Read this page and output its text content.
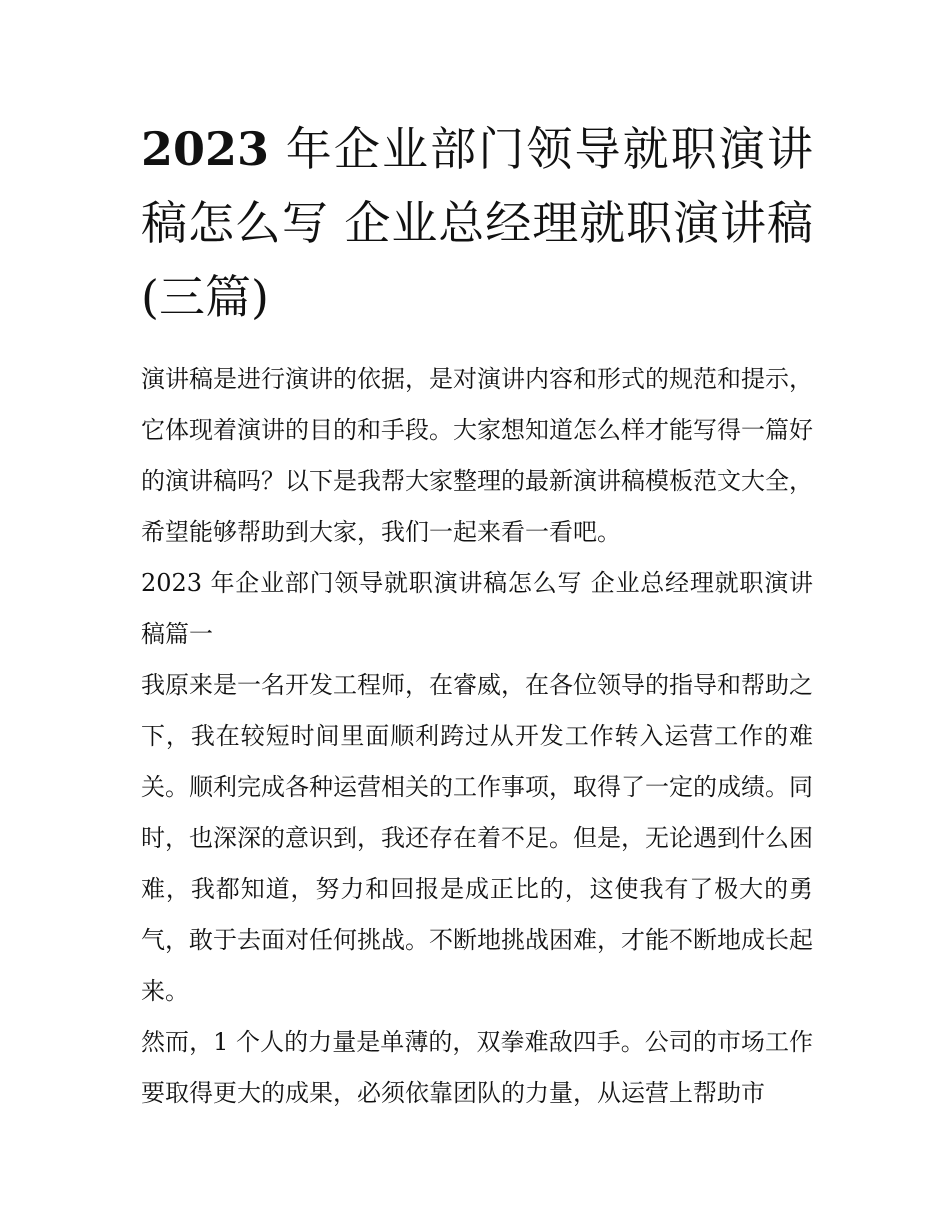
2023 年企业部门领导就职演讲稿怎么写 企业总经理就职演讲稿(三篇)

演讲稿是进行演讲的依据，是对演讲内容和形式的规范和提示，它体现着演讲的目的和手段。大家想知道怎么样才能写得一篇好的演讲稿吗？以下是我帮大家整理的最新演讲稿模板范文大全，希望能够帮助到大家，我们一起来看一看吧。

2023 年企业部门领导就职演讲稿怎么写 企业总经理就职演讲稿篇一

我原来是一名开发工程师，在睿威，在各位领导的指导和帮助之下，我在较短时间里面顺利跨过从开发工作转入运营工作的难关。顺利完成各种运营相关的工作事项，取得了一定的成绩。同时，也深深的意识到，我还存在着不足。但是，无论遇到什么困难，我都知道，努力和回报是成正比的，这使我有了极大的勇气，敢于去面对任何挑战。不断地挑战困难，才能不断地成长起来。

然而，1 个人的力量是单薄的，双拳难敌四手。公司的市场工作要取得更大的成果，必须依靠团队的力量，从运营上帮助市
